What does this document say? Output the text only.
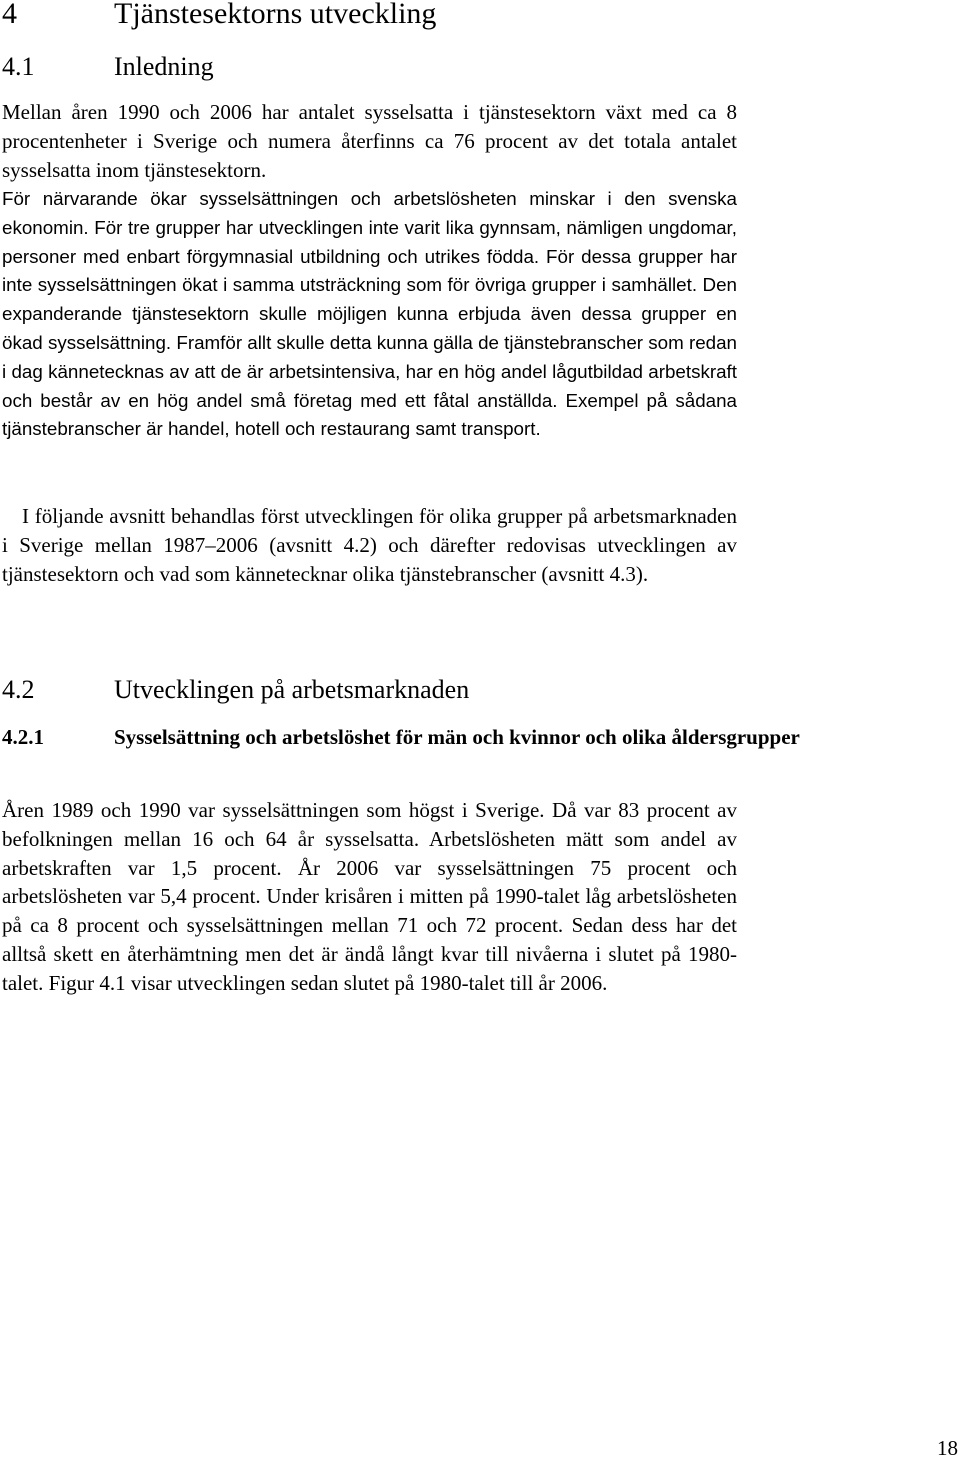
4	Tjänstesektorns utveckling
4.1	Inledning

Mellan åren 1990 och 2006 har antalet sysselsatta i tjänstesektorn växt med ca 8 procentenheter i Sverige och numera återfinns ca 76 procent av det totala antalet sysselsatta inom tjänstesektorn.

För närvarande ökar sysselsättningen och arbetslösheten minskar i den svenska ekonomin. För tre grupper har utvecklingen inte varit lika gynnsam, nämligen ungdomar, personer med enbart förgymnasial utbildning och utrikes födda. För dessa grupper har inte sysselsättningen ökat i samma utsträckning som för övriga grupper i samhället. Den expanderande tjänstesektorn skulle möjligen kunna erbjuda även dessa grupper en ökad sysselsättning. Framför allt skulle detta kunna gälla de tjänstebranscher som redan i dag kännetecknas av att de är arbetsintensiva, har en hög andel lågutbildad arbetskraft och består av en hög andel små företag med ett fåtal anställda. Exempel på sådana tjänstebranscher är handel, hotell och restaurang samt transport.

I följande avsnitt behandlas först utvecklingen för olika grupper på arbetsmarknaden i Sverige mellan 1987–2006 (avsnitt 4.2) och därefter redovisas utvecklingen av tjänstesektorn och vad som kännetecknar olika tjänstebranscher (avsnitt 4.3).

4.2	Utvecklingen på arbetsmarknaden
4.2.1	Sysselsättning och arbetslöshet för män och kvinnor och olika åldersgrupper

Åren 1989 och 1990 var sysselsättningen som högst i Sverige. Då var 83 procent av befolkningen mellan 16 och 64 år sysselsatta. Arbetslösheten mätt som andel av arbetskraften var 1,5 procent. År 2006 var sysselsättningen 75 procent och arbetslösheten var 5,4 procent. Under krisåren i mitten på 1990-talet låg arbetslösheten på ca 8 procent och sysselsättningen mellan 71 och 72 procent. Sedan dess har det alltså skett en återhämtning men det är ändå långt kvar till nivåerna i slutet på 1980-talet. Figur 4.1 visar utvecklingen sedan slutet på 1980-talet till år 2006.

18
